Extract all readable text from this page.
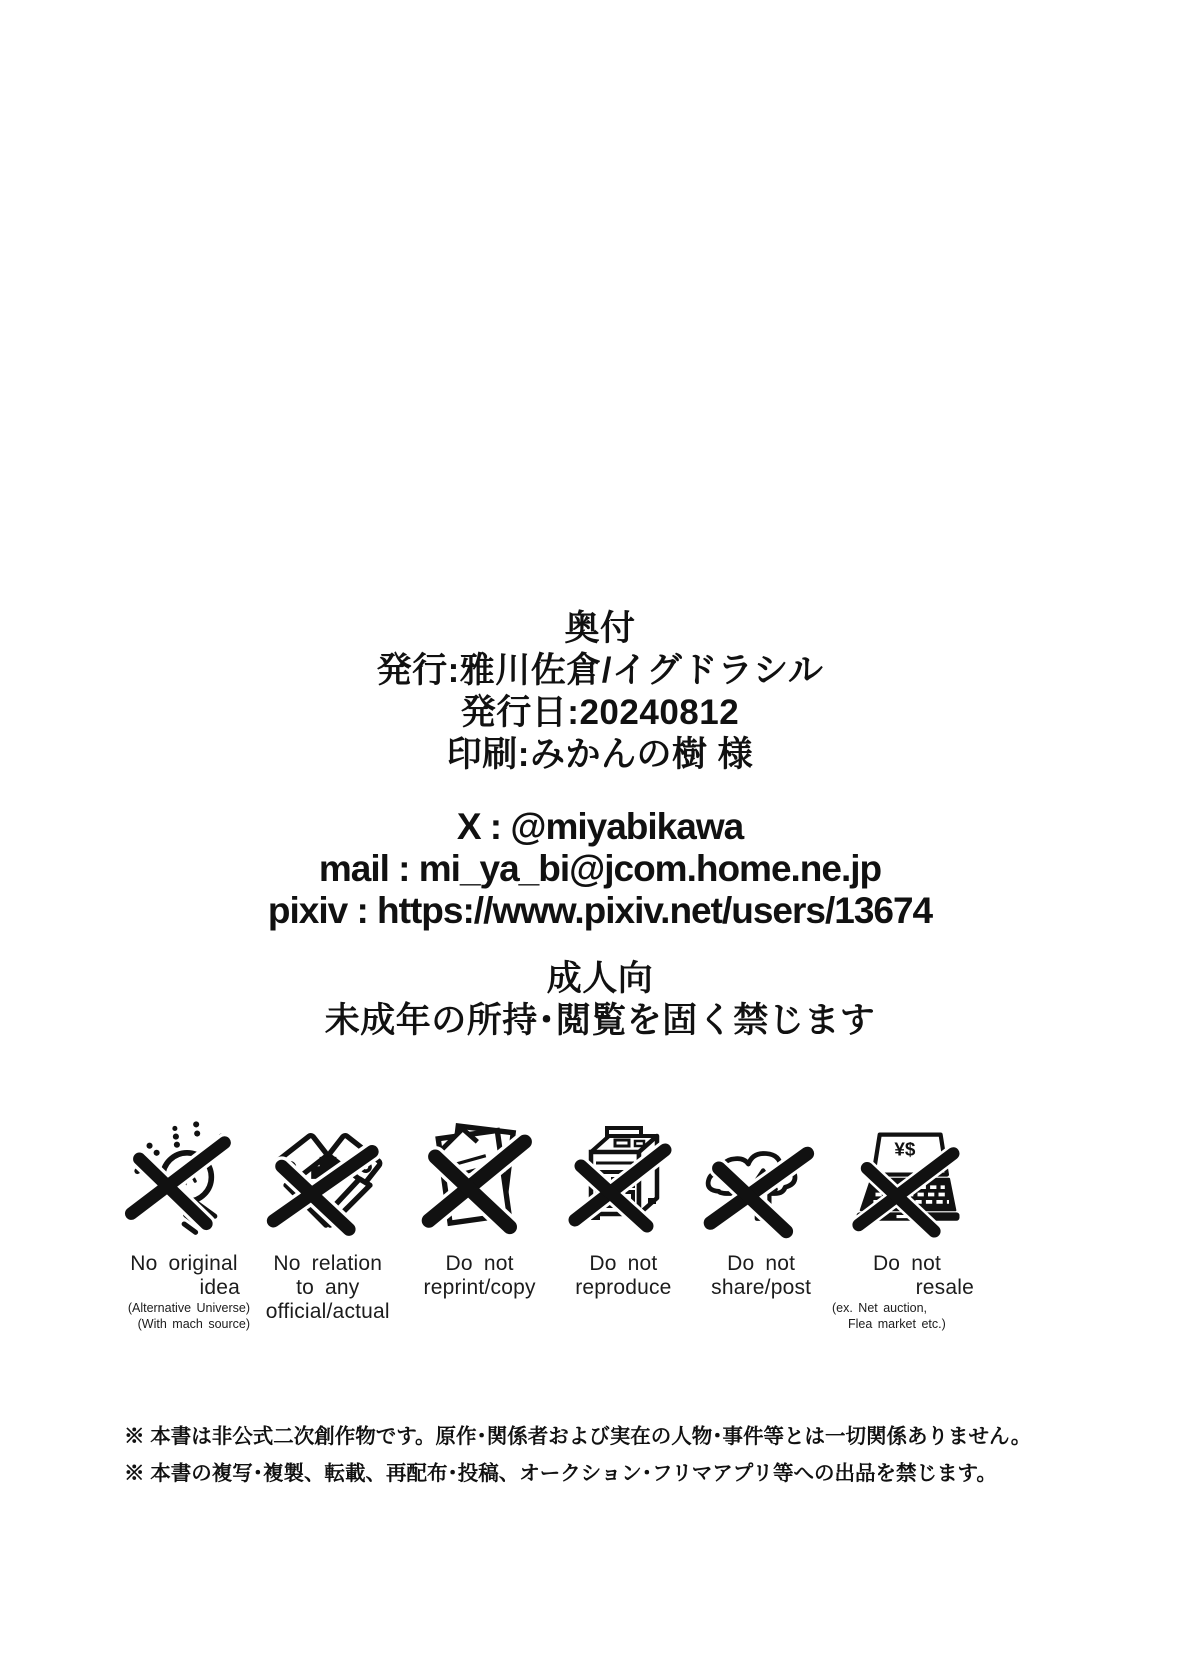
奥付
発行:雅川佐倉/イグドラシル
発行日:20240812
印刷:みかんの樹 様
X : @miyabikawa
mail : mi_ya_bi@jcom.home.ne.jp
pixiv : https://www.pixiv.net/users/13674
成人向
未成年の所持･閲覧を固く禁じます
No original
idea
(Alternative Universe)
(With mach source)
No relation
to any
official/actual
Do not
reprint/copy
Do not
reproduce
Do not
share/post
¥$
Do not
resale
(ex. Net auction,
Flea market etc.)
※ 本書は非公式二次創作物です。原作･関係者および実在の人物･事件等とは一切関係ありません。
※ 本書の複写･複製、転載、再配布･投稿、オークション･フリマアプリ等への出品を禁じます。
